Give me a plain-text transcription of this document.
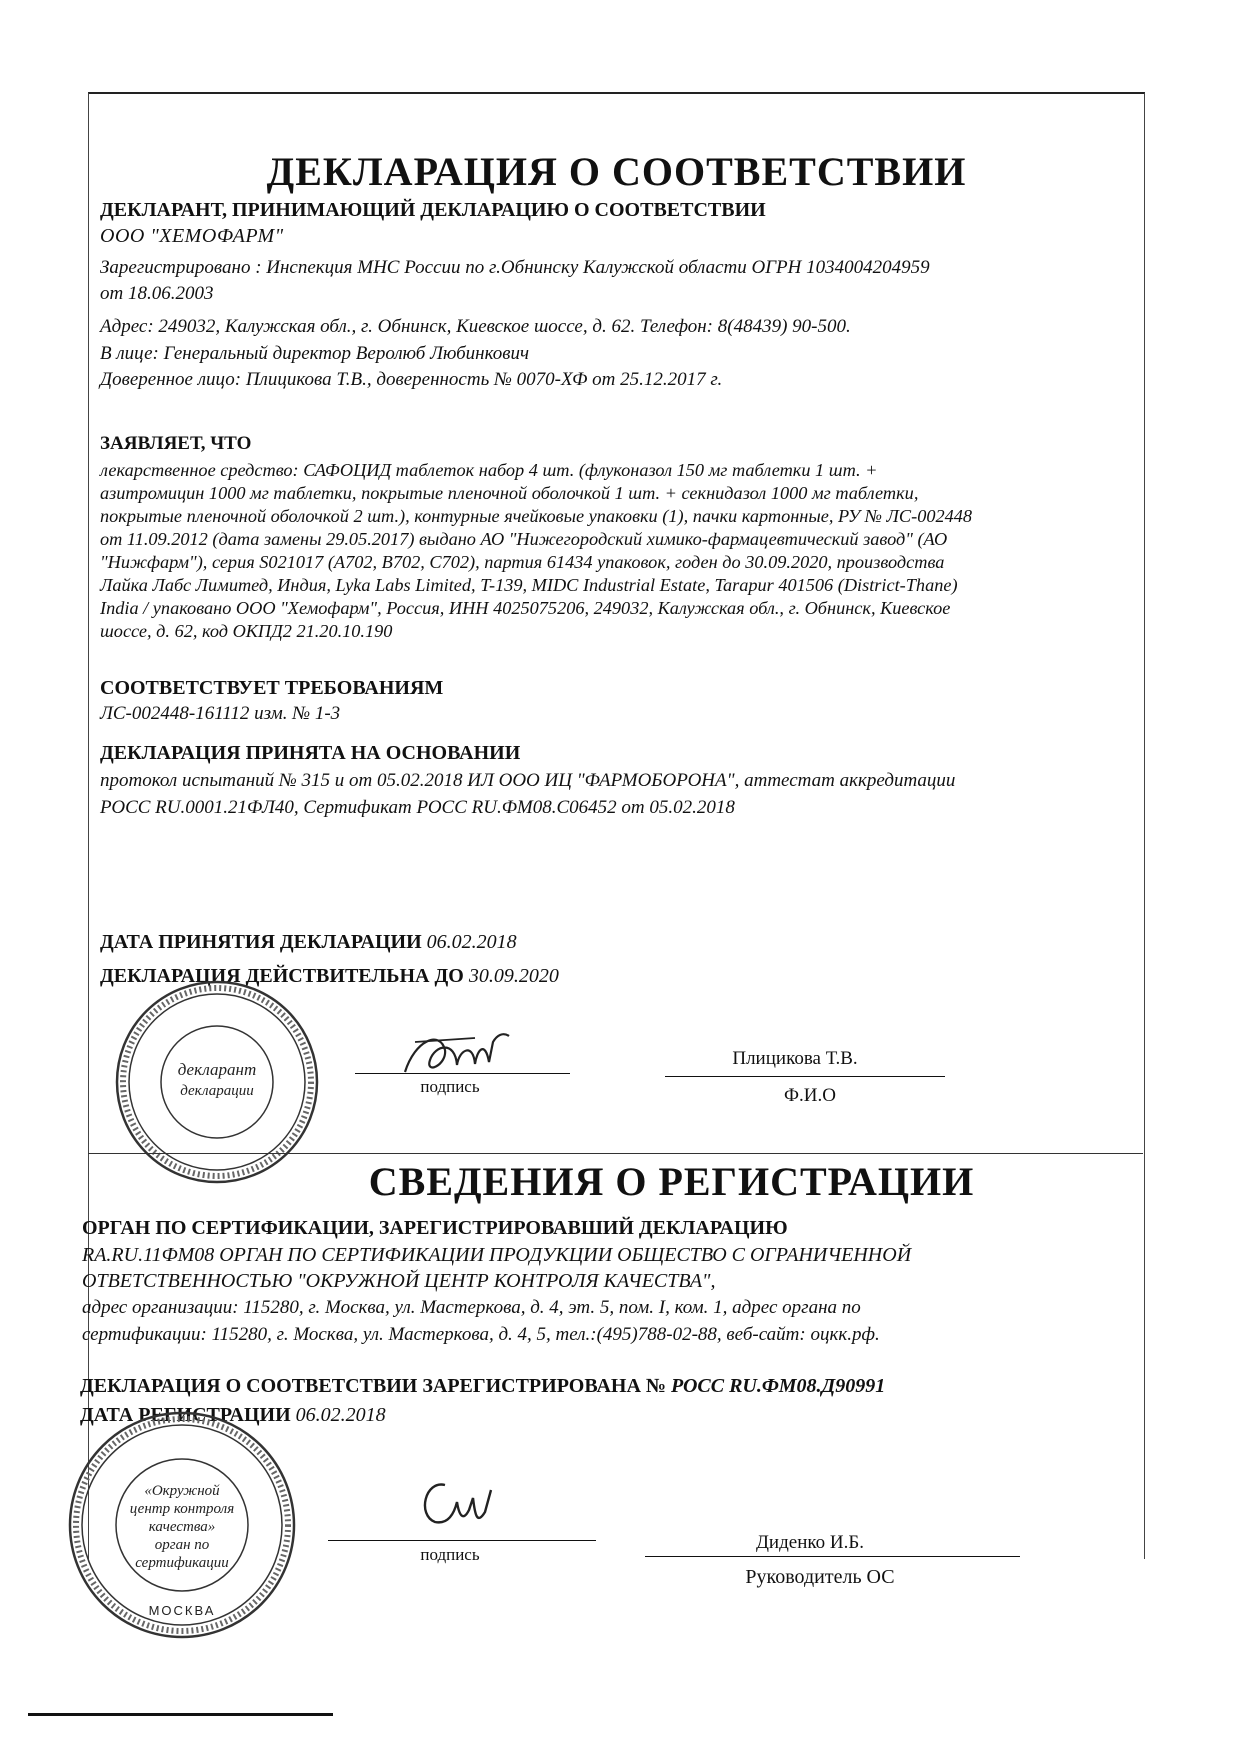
ДЕКЛАРАЦИЯ О СООТВЕТСТВИИ
ДЕКЛАРАНТ, ПРИНИМАЮЩИЙ ДЕКЛАРАЦИЮ О СООТВЕТСТВИИ
ООО "ХЕМОФАРМ"
Зарегистрировано : Инспекция МНС России по г.Обнинску Калужской области ОГРН 1034004204959
от 18.06.2003
Адрес: 249032, Калужская обл., г. Обнинск, Киевское шоссе, д. 62. Телефон: 8(48439) 90-500.
В лице: Генеральный директор Веролюб Любинкович
Доверенное лицо: Плицикова Т.В., доверенность № 0070-ХФ от 25.12.2017 г.
ЗАЯВЛЯЕТ, ЧТО
лекарственное средство: САФОЦИД таблеток набор 4 шт. (флуконазол 150 мг таблетки 1 шт. +
азитромицин 1000 мг таблетки, покрытые пленочной оболочкой 1 шт. + секнидазол 1000 мг таблетки,
покрытые пленочной оболочкой 2 шт.), контурные ячейковые упаковки (1), пачки картонные, РУ № ЛС-002448
от 11.09.2012 (дата замены 29.05.2017) выдано АО "Нижегородский химико-фармацевтический завод" (АО
"Нижфарм"), серия S021017 (А702, В702, С702), партия 61434 упаковок, годен до 30.09.2020, производства
Лайка Лабс Лимитед, Индия, Lyka Labs Limited, T-139, MIDC Industrial Estate, Tarapur 401506 (District-Thane)
India / упаковано ООО "Хемофарм", Россия, ИНН 4025075206, 249032, Калужская обл., г. Обнинск, Киевское
шоссе, д. 62, код ОКПД2 21.20.10.190
СООТВЕТСТВУЕТ ТРЕБОВАНИЯМ
ЛС-002448-161112 изм. № 1-3
ДЕКЛАРАЦИЯ ПРИНЯТА НА ОСНОВАНИИ
протокол испытаний № 315 и от 05.02.2018 ИЛ ООО ИЦ "ФАРМОБОРОНА", аттестат аккредитации
РОСС RU.0001.21ФЛ40, Сертификат РОСС RU.ФМ08.С06452 от 05.02.2018
ДАТА ПРИНЯТИЯ ДЕКЛАРАЦИИ 06.02.2018
ДЕКЛАРАЦИЯ ДЕЙСТВИТЕЛЬНА ДО 30.09.2020
подпись
Плицикова Т.В.
Ф.И.О
декларант
декларации
СВЕДЕНИЯ О РЕГИСТРАЦИИ
ОРГАН ПО СЕРТИФИКАЦИИ, ЗАРЕГИСТРИРОВАВШИЙ ДЕКЛАРАЦИЮ
RA.RU.11ФМ08 ОРГАН ПО СЕРТИФИКАЦИИ ПРОДУКЦИИ ОБЩЕСТВО С ОГРАНИЧЕННОЙ
ОТВЕТСТВЕННОСТЬЮ "ОКРУЖНОЙ ЦЕНТР КОНТРОЛЯ КАЧЕСТВА",
адрес организации: 115280, г. Москва, ул. Мастеркова, д. 4, эт. 5, пом. I, ком. 1, адрес органа по
сертификации: 115280, г. Москва, ул. Мастеркова, д. 4, 5, тел.:(495)788-02-88, веб-сайт: оцкк.рф.
ДЕКЛАРАЦИЯ О СООТВЕТСТВИИ ЗАРЕГИСТРИРОВАНА № РОСС RU.ФМ08.Д90991
ДАТА РЕГИСТРАЦИИ 06.02.2018
подпись
Диденко И.Б.
Руководитель ОС
«Окружной
центр контроля
качества»
орган по
сертификации
МОСКВА
